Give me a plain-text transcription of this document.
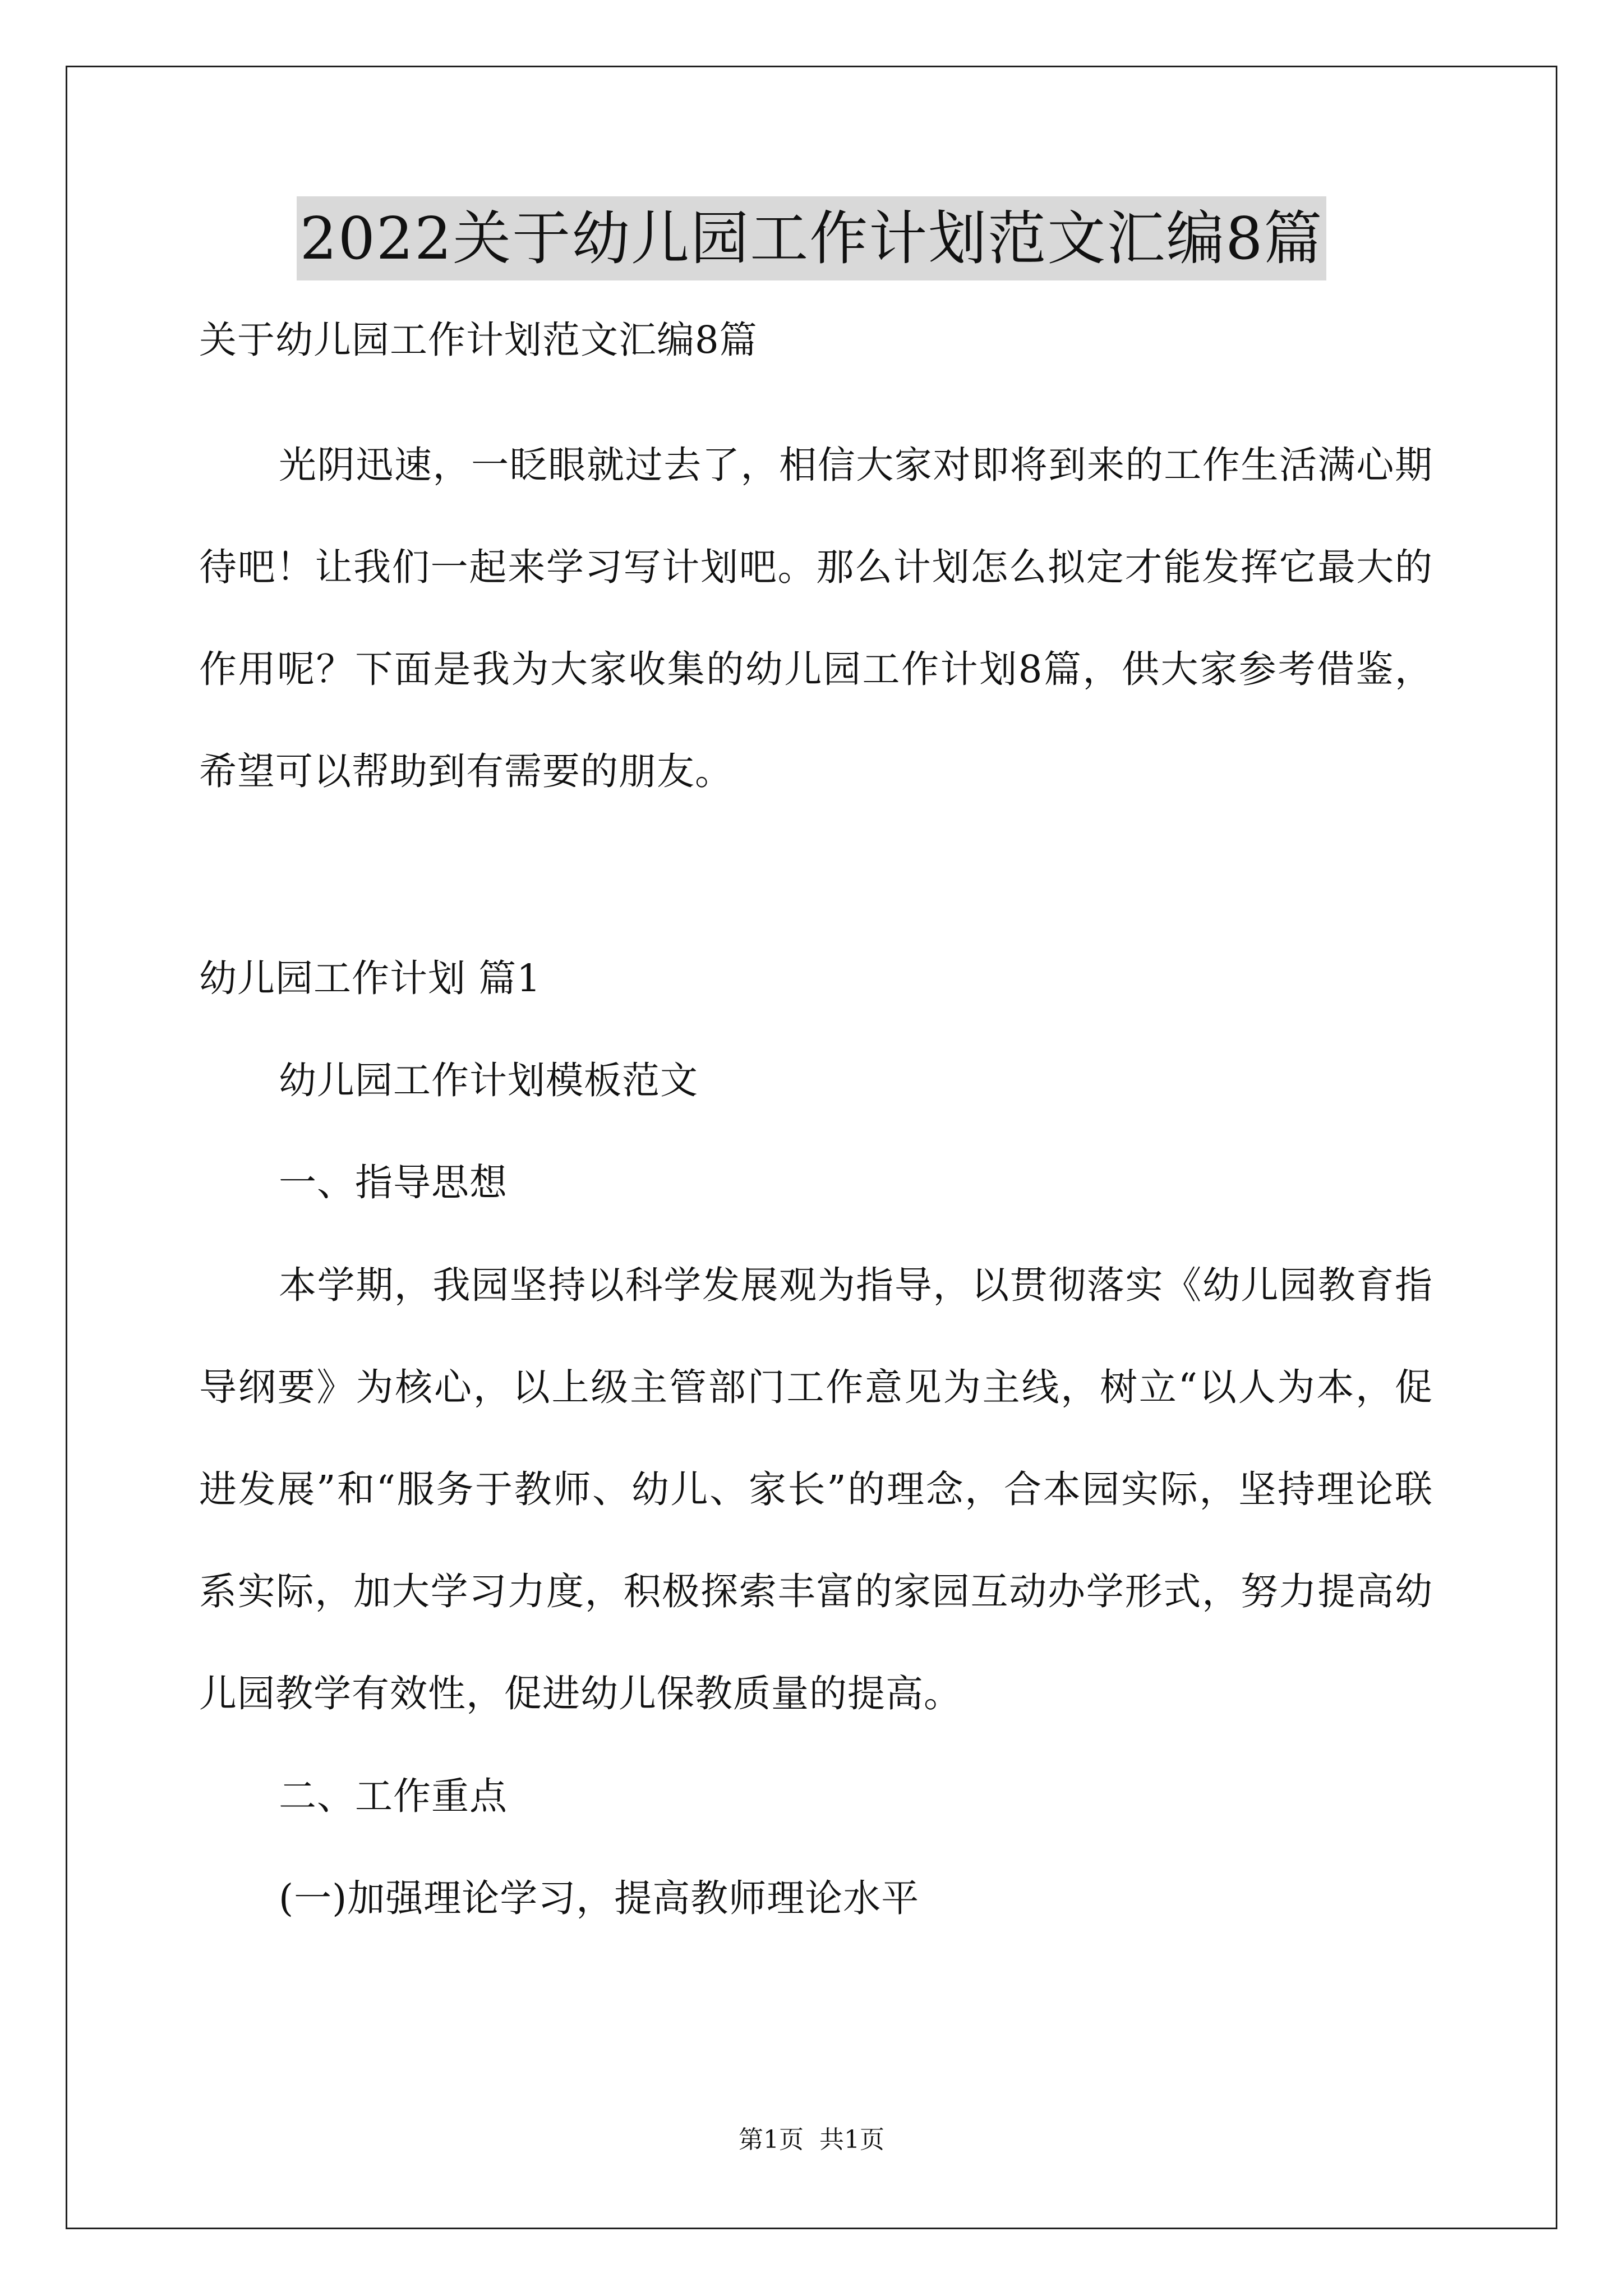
2022关于幼儿园工作计划范文汇编8篇

关于幼儿园工作计划范文汇编8篇

光阴迅速，一眨眼就过去了，相信大家对即将到来的工作生活满心期待吧！让我们一起来学习写计划吧。那么计划怎么拟定才能发挥它最大的作用呢？下面是我为大家收集的幼儿园工作计划8篇，供大家参考借鉴，希望可以帮助到有需要的朋友。

幼儿园工作计划 篇1

幼儿园工作计划模板范文

一、指导思想

本学期，我园坚持以科学发展观为指导，以贯彻落实《幼儿园教育指导纲要》为核心，以上级主管部门工作意见为主线，树立“以人为本，促进发展”和“服务于教师、幼儿、家长”的理念，合本园实际，坚持理论联系实际，加大学习力度，积极探索丰富的家园互动办学形式，努力提高幼儿园教学有效性，促进幼儿保教质量的提高。

二、工作重点

(一)加强理论学习，提高教师理论水平

第1页 共1页
